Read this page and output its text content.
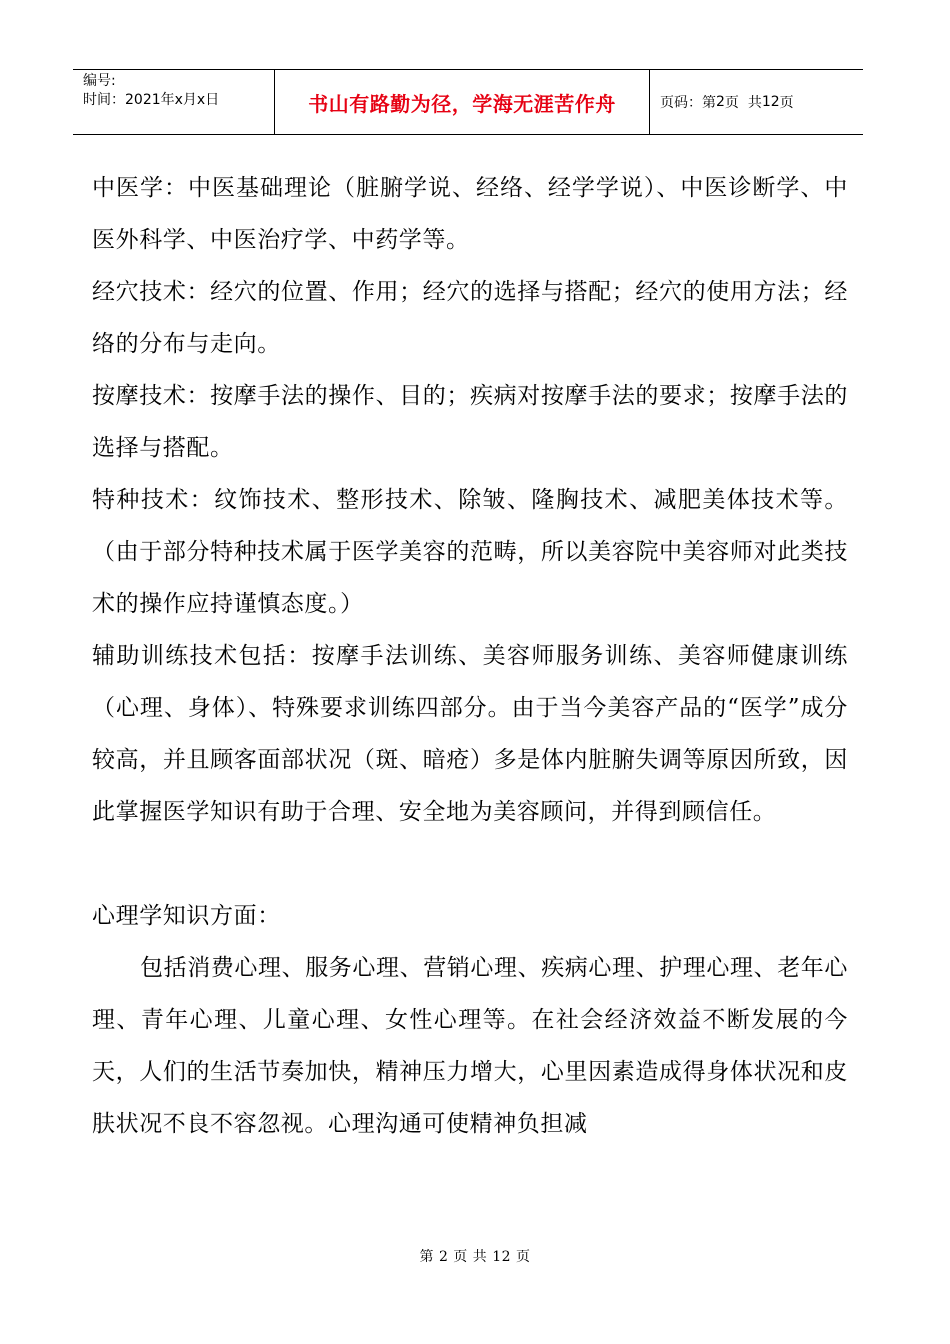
编号:
时间：2021年x月x日	书山有路勤为径，学海无涯苦作舟	页码：第 2 页  共 12 页

中医学：中医基础理论（脏腑学说、经络、经学学说）、中医诊断学、中医外科学、中医治疗学、中药学等。

经穴技术：经穴的位置、作用；经穴的选择与搭配；经穴的使用方法；经络的分布与走向。

按摩技术：按摩手法的操作、目的；疾病对按摩手法的要求；按摩手法的选择与搭配。

特种技术：纹饰技术、整形技术、除皱、隆胸技术、减肥美体技术等。（由于部分特种技术属于医学美容的范畴，所以美容院中美容师对此类技术的操作应持谨慎态度。）

辅助训练技术包括：按摩手法训练、美容师服务训练、美容师健康训练（心理、身体）、特殊要求训练四部分。由于当今美容产品的“医学”成分较高，并且顾客面部状况（斑、暗疮）多是体内脏腑失调等原因所致，因此掌握医学知识有助于合理、安全地为美容顾问，并得到顾信任。

心理学知识方面：

包括消费心理、服务心理、营销心理、疾病心理、护理心理、老年心理、青年心理、儿童心理、女性心理等。在社会经济效益不断发展的今天，人们的生活节奏加快，精神压力增大，心里因素造成得身体状况和皮肤状况不良不容忽视。心理沟通可使精神负担减

第 2 页 共 12 页
